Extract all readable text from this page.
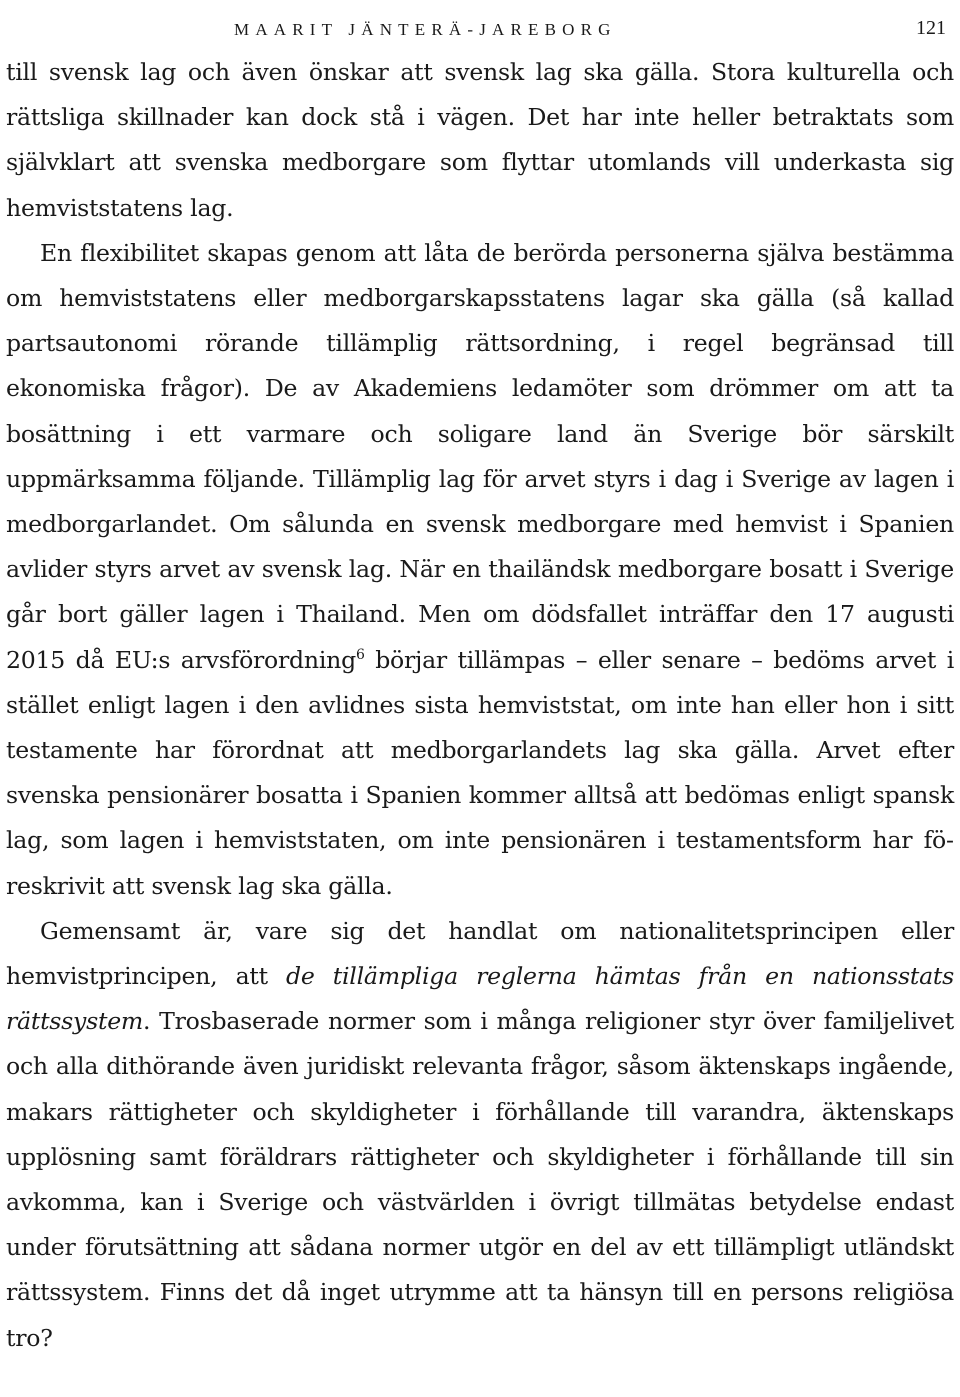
MAARIT JÄNTERÄ-JAREBORG	121

till svensk lag och även önskar att svensk lag ska gälla. Stora kulturella och rättsliga skillnader kan dock stå i vägen. Det har inte heller betraktats som självklart att svenska medborgare som flyttar utomlands vill underkasta sig hemviststatens lag.

En flexibilitet skapas genom att låta de berörda personerna själva bestämma om hemviststatens eller medborgarskapsstatens lagar ska gälla (så kallad partsautonomi rörande tillämplig rättsordning, i regel begränsad till ekonomiska frågor). De av Akademiens ledamöter som drömmer om att ta bosättning i ett varmare och soligare land än Sverige bör särskilt uppmärksamma följande. Tillämplig lag för arvet styrs i dag i Sverige av lagen i medborgarlandet. Om sålunda en svensk medborgare med hemvist i Spanien avlider styrs arvet av svensk lag. När en thailändsk medborgare bosatt i Sverige går bort gäller lagen i Thailand. Men om dödsfallet inträffar den 17 augusti 2015 då EU:s arvsförordning$^6$ börjar tillämpas – eller senare – bedöms arvet i stället enligt lagen i den avlidnes sista hemviststat, om inte han eller hon i sitt testamente har förordnat att medborgarlandets lag ska gälla. Arvet efter svenska pensionärer bosatta i Spanien kommer alltså att bedömas enligt spansk lag, som lagen i hemviststaten, om inte pensionären i testamentsform har föreskrivit att svensk lag ska gälla.

Gemensamt är, vare sig det handlat om nationalitetsprincipen eller hemvistprincipen, att de tillämpliga reglerna hämtas från en nationsstats rättssystem. Trosbaserade normer som i många religioner styr över familjelivet och alla dithörande även juridiskt relevanta frågor, såsom äktenskaps ingående, makars rättigheter och skyldigheter i förhållande till varandra, äktenskaps upplösning samt föräldrars rättigheter och skyldigheter i förhållande till sin avkomma, kan i Sverige och västvärlden i övrigt tillmätas betydelse endast under förutsättning att sådana normer utgör en del av ett tillämpligt utländskt rättssystem. Finns det då inget utrymme att ta hänsyn till en persons religiösa tro?
